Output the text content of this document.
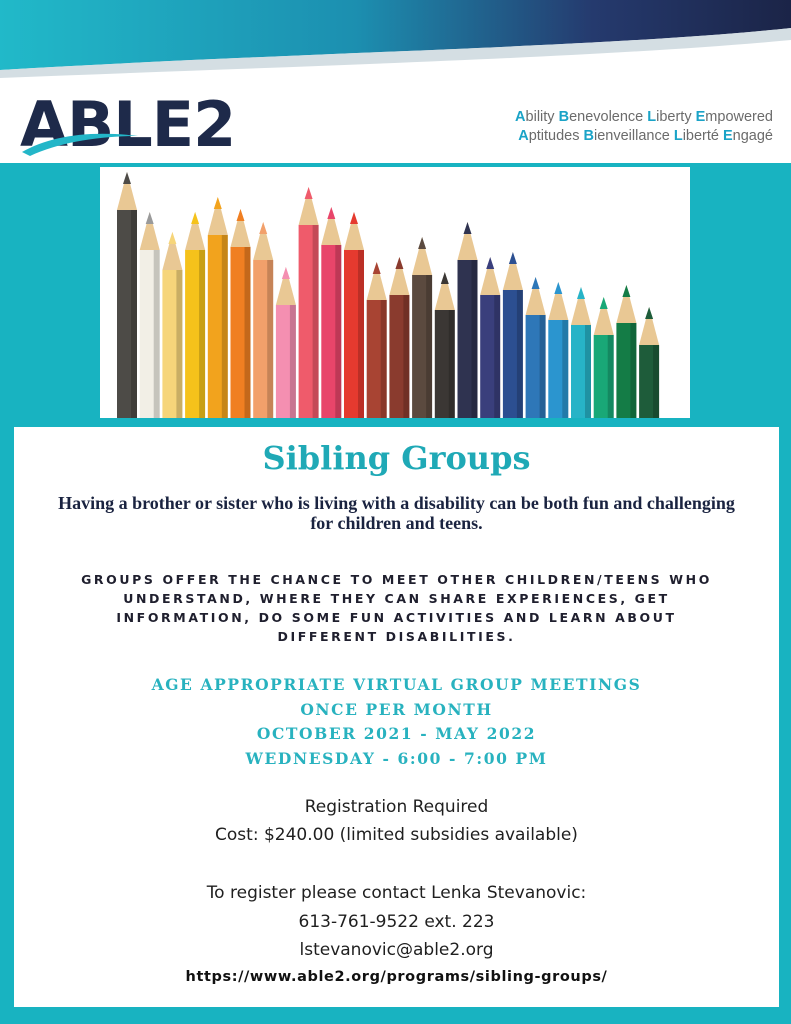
ABLE2	Ability Benevolence Liberty Empowered
Aptitudes Bienveillance Liberté Engagé
Sibling Groups

Having a brother or sister who is living with a disability can be both fun and challenging for children and teens.

GROUPS OFFER THE CHANCE TO MEET OTHER CHILDREN/TEENS WHO UNDERSTAND, WHERE THEY CAN SHARE EXPERIENCES, GET INFORMATION, DO SOME FUN ACTIVITIES AND LEARN ABOUT DIFFERENT DISABILITIES.

AGE APPROPRIATE VIRTUAL GROUP MEETINGS
ONCE PER MONTH
OCTOBER 2021 - MAY 2022
WEDNESDAY - 6:00 - 7:00 PM
Registration Required
Cost: $240.00 (limited subsidies available)
To register please contact Lenka Stevanovic:
613-761-9522 ext. 223
lstevanovic@able2.org
https://www.able2.org/programs/sibling-groups/
